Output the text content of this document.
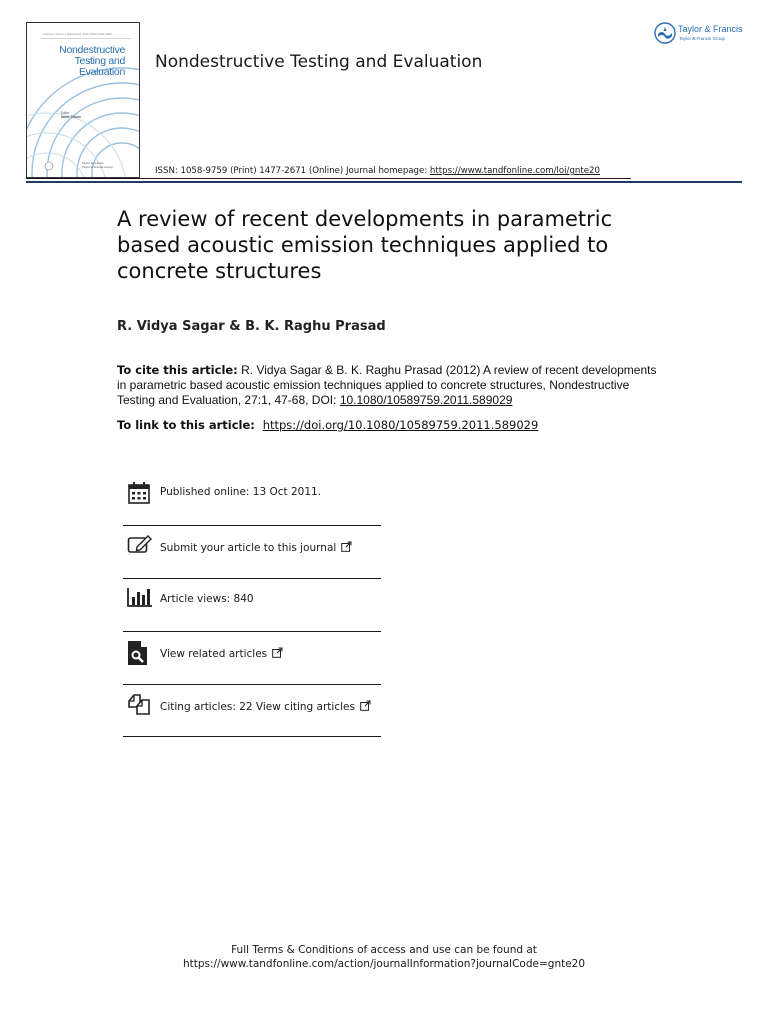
Volume 1 Issue 1 September 2011 ISSN 0000-0000
Nondestructive
Testing and
Evaluation
Editor
Name Shown
Taylor & Francis
Taylor & Francis Group
Nondestructive Testing and Evaluation
Taylor & Francis
Taylor & Francis Group
ISSN: 1058-9759 (Print) 1477-2671 (Online) Journal homepage: https://www.tandfonline.com/loi/gnte20
A review of recent developments in parametric based acoustic emission techniques applied to concrete structures
R. Vidya Sagar & B. K. Raghu Prasad
To cite this article: R. Vidya Sagar & B. K. Raghu Prasad (2012) A review of recent developments in parametric based acoustic emission techniques applied to concrete structures, Nondestructive Testing and Evaluation, 27:1, 47-68, DOI: 10.1080/10589759.2011.589029
To link to this article: https://doi.org/10.1080/10589759.2011.589029
Published online: 13 Oct 2011.
Submit your article to this journal
Article views: 840
View related articles
Citing articles: 22 View citing articles
Full Terms & Conditions of access and use can be found at
https://www.tandfonline.com/action/journalInformation?journalCode=gnte20
